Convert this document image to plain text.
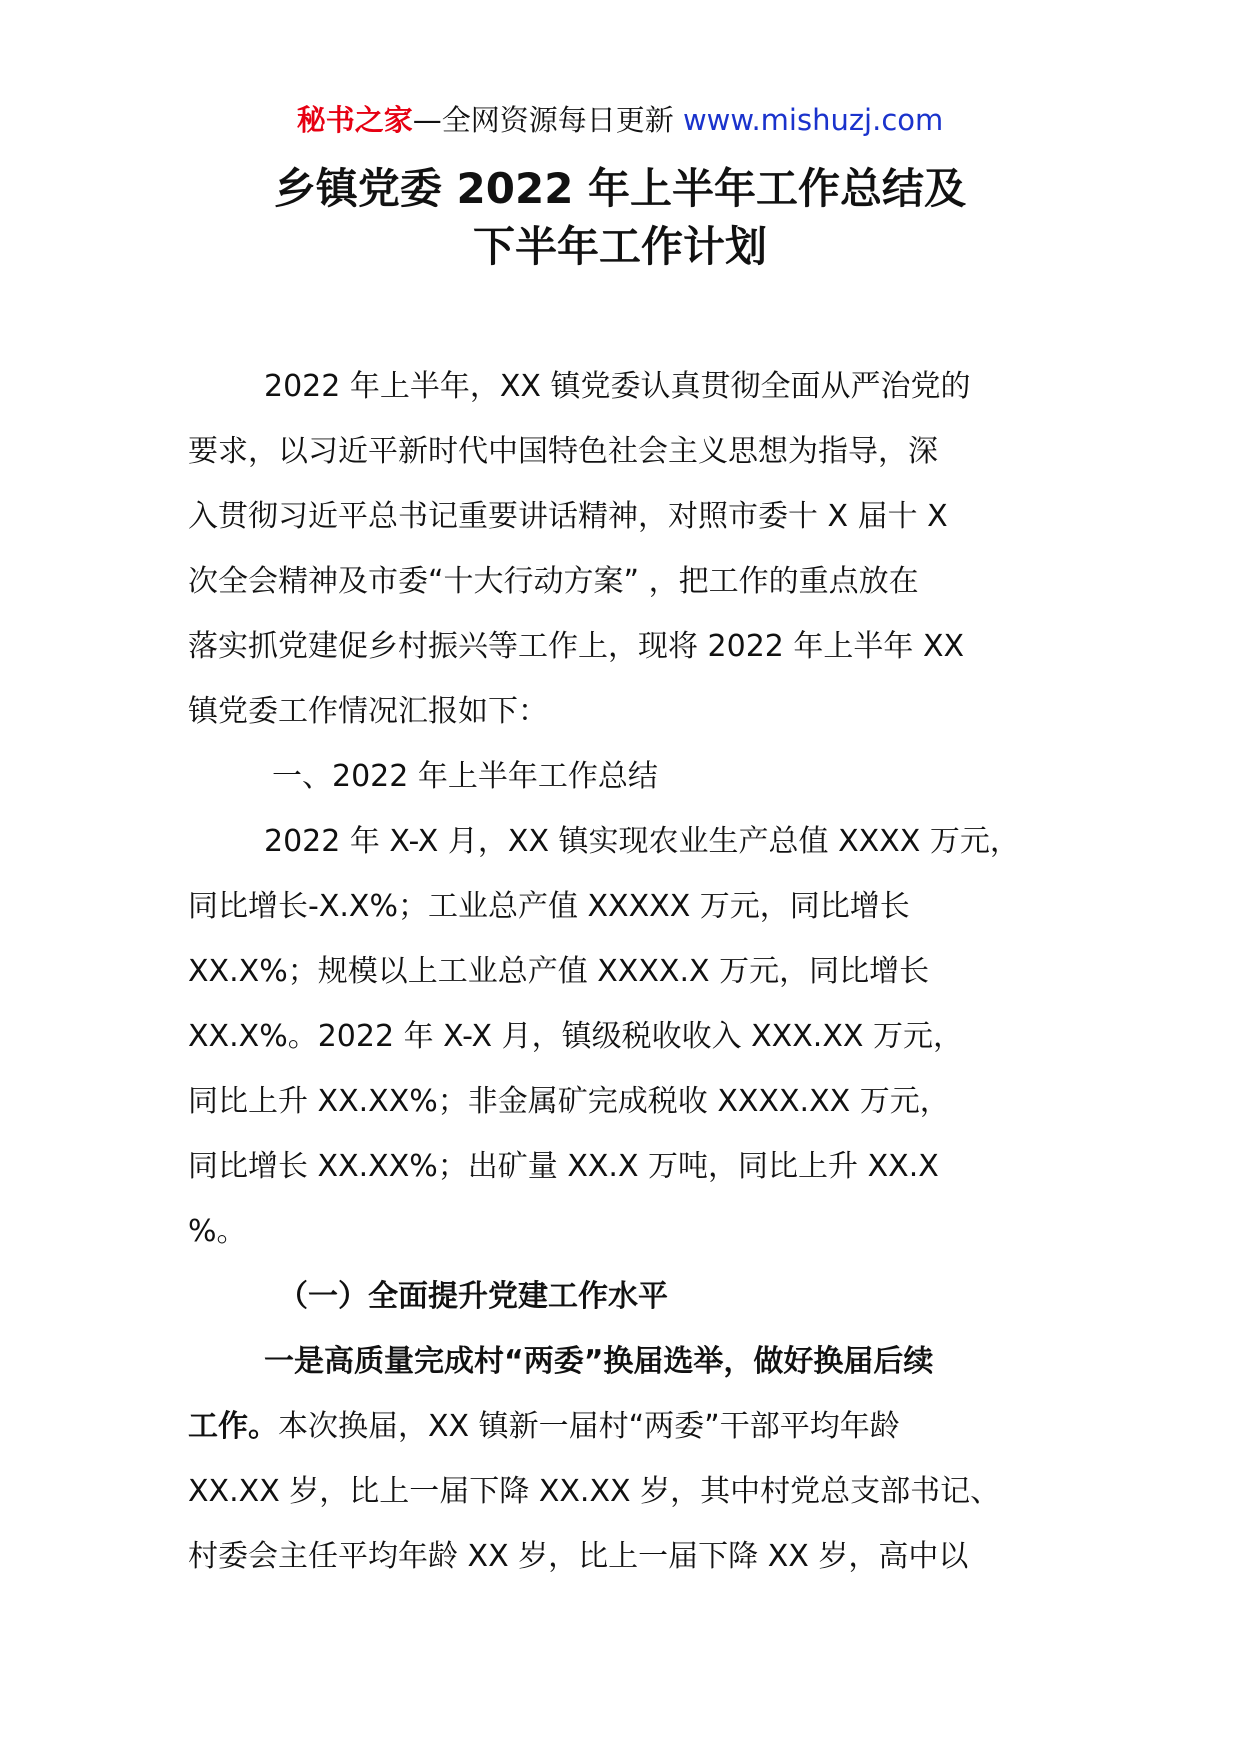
秘书之家—全网资源每日更新 www.mishuzj.com
乡镇党委 2022 年上半年工作总结及
下半年工作计划
2022 年上半年，XX 镇党委认真贯彻全面从严治党的
要求，以习近平新时代中国特色社会主义思想为指导，深
入贯彻习近平总书记重要讲话精神，对照市委十 X 届十 X
次全会精神及市委“十大行动方案” ，把工作的重点放在
落实抓党建促乡村振兴等工作上，现将 2022 年上半年 XX
镇党委工作情况汇报如下：
一、2022 年上半年工作总结
2022 年 X-X 月，XX 镇实现农业生产总值 XXXX 万元，
同比增长-X.X%；工业总产值 XXXXX 万元，同比增长
XX.X%；规模以上工业总产值 XXXX.X 万元，同比增长
XX.X%。2022 年 X-X 月，镇级税收收入 XXX.XX 万元，
同比上升 XX.XX%；非金属矿完成税收 XXXX.XX 万元，
同比增长 XX.XX%；出矿量 XX.X 万吨，同比上升 XX.X
%。
（一）全面提升党建工作水平
一是高质量完成村“两委”换届选举，做好换届后续
工作。本次换届，XX 镇新一届村“两委”干部平均年龄
XX.XX 岁，比上一届下降 XX.XX 岁，其中村党总支部书记、
村委会主任平均年龄 XX 岁，比上一届下降 XX 岁，高中以
